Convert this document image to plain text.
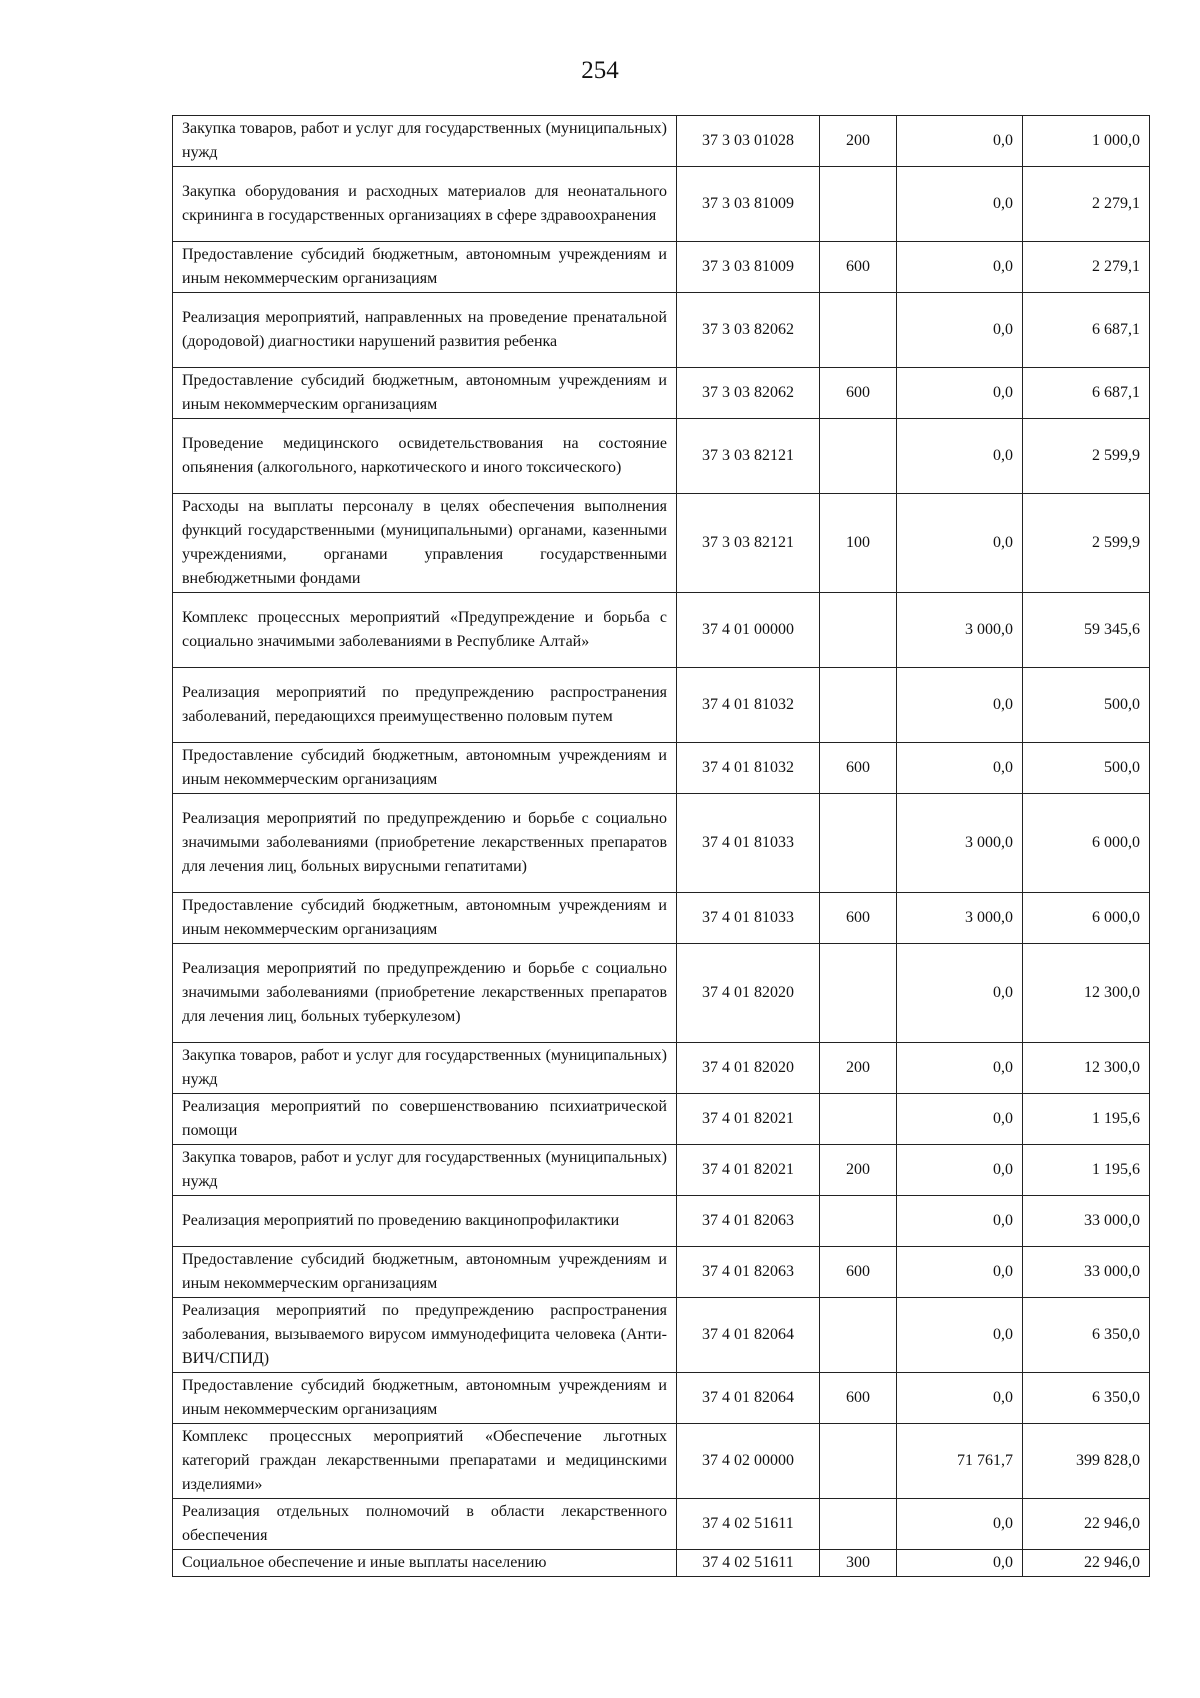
254
Закупка товаров, работ и услуг для государственных (муниципальных) нужд	37 3 03 01028	200	0,0	1 000,0
Закупка оборудования и расходных материалов для неонатального скрининга в государственных организациях в сфере здравоохранения	37 3 03 81009		0,0	2 279,1
Предоставление субсидий бюджетным, автономным учреждениям и иным некоммерческим организациям	37 3 03 81009	600	0,0	2 279,1
Реализация мероприятий, направленных на проведение пренатальной (дородовой) диагностики нарушений развития ребенка	37 3 03 82062		0,0	6 687,1
Предоставление субсидий бюджетным, автономным учреждениям и иным некоммерческим организациям	37 3 03 82062	600	0,0	6 687,1
Проведение медицинского освидетельствования на состояние опьянения (алкогольного, наркотического и иного токсического)	37 3 03 82121		0,0	2 599,9
Расходы на выплаты персоналу в целях обеспечения выполнения функций государственными (муниципальными) органами, казенными учреждениями, органами управления государственными внебюджетными фондами	37 3 03 82121	100	0,0	2 599,9
Комплекс процессных мероприятий «Предупреждение и борьба с социально значимыми заболеваниями в Республике Алтай»	37 4 01 00000		3 000,0	59 345,6
Реализация мероприятий по предупреждению распространения заболеваний, передающихся преимущественно половым путем	37 4 01 81032		0,0	500,0
Предоставление субсидий бюджетным, автономным учреждениям и иным некоммерческим организациям	37 4 01 81032	600	0,0	500,0
Реализация мероприятий по предупреждению и борьбе с социально значимыми заболеваниями (приобретение лекарственных препаратов для лечения лиц, больных вирусными гепатитами)	37 4 01 81033		3 000,0	6 000,0
Предоставление субсидий бюджетным, автономным учреждениям и иным некоммерческим организациям	37 4 01 81033	600	3 000,0	6 000,0
Реализация мероприятий по предупреждению и борьбе с социально значимыми заболеваниями (приобретение лекарственных препаратов для лечения лиц, больных туберкулезом)	37 4 01 82020		0,0	12 300,0
Закупка товаров, работ и услуг для государственных (муниципальных) нужд	37 4 01 82020	200	0,0	12 300,0
Реализация мероприятий по совершенствованию психиатрической помощи	37 4 01 82021		0,0	1 195,6
Закупка товаров, работ и услуг для государственных (муниципальных) нужд	37 4 01 82021	200	0,0	1 195,6
Реализация мероприятий по проведению вакцинопрофилактики	37 4 01 82063		0,0	33 000,0
Предоставление субсидий бюджетным, автономным учреждениям и иным некоммерческим организациям	37 4 01 82063	600	0,0	33 000,0
Реализация мероприятий по предупреждению распространения заболевания, вызываемого вирусом иммунодефицита человека (Анти-ВИЧ/СПИД)	37 4 01 82064		0,0	6 350,0
Предоставление субсидий бюджетным, автономным учреждениям и иным некоммерческим организациям	37 4 01 82064	600	0,0	6 350,0
Комплекс процессных мероприятий «Обеспечение льготных категорий граждан лекарственными препаратами и медицинскими изделиями»	37 4 02 00000		71 761,7	399 828,0
Реализация отдельных полномочий в области лекарственного обеспечения	37 4 02 51611		0,0	22 946,0
Социальное обеспечение и иные выплаты населению	37 4 02 51611	300	0,0	22 946,0
